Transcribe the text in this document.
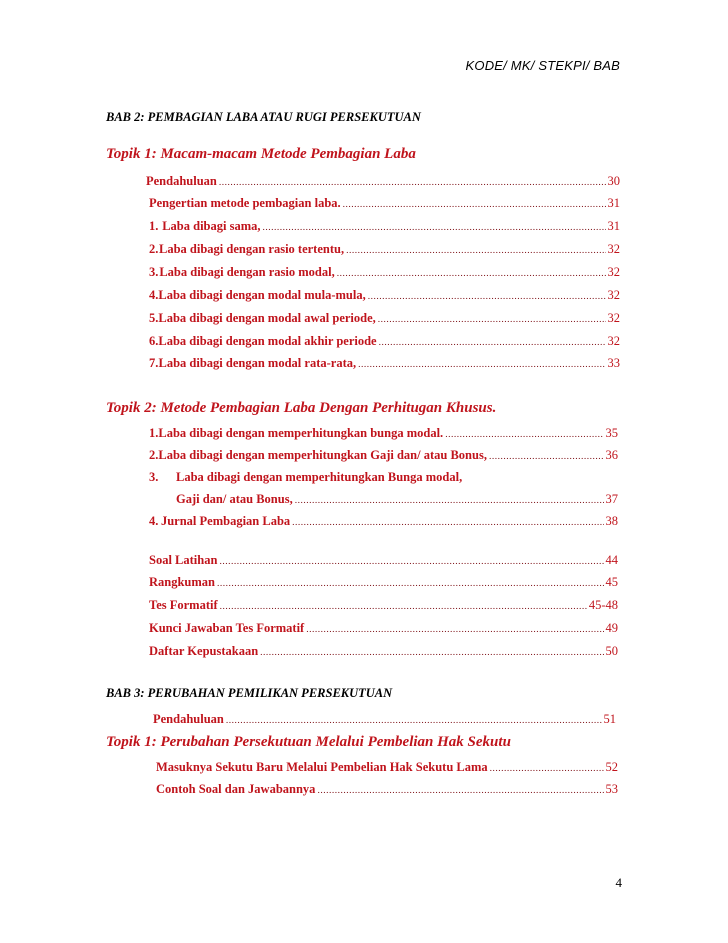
KODE/ MK/ STEKPI/ BAB
BAB 2: PEMBAGIAN LABA ATAU RUGI PERSEKUTUAN
Topik 1: Macam-macam Metode Pembagian Laba
Pendahuluan .....	30
Pengertian metode pembagian laba. .....	31
1. Laba dibagi sama, .....	31
2. Laba dibagi dengan rasio tertentu, .....	32
3. Laba dibagi dengan rasio modal, .....	32
4. Laba dibagi dengan modal mula-mula, .....	32
5. Laba dibagi dengan modal awal periode, .....	32
6. Laba dibagi dengan modal akhir periode .....	32
7. Laba dibagi dengan modal rata-rata, .....	33
Topik 2: Metode Pembagian Laba Dengan Perhitugan Khusus.
1. Laba dibagi dengan memperhitungkan bunga modal. .....	35
2. Laba dibagi dengan memperhitungkan Gaji dan/ atau Bonus, .....	36
3.	Laba dibagi dengan memperhitungkan Bunga modal,
Gaji dan/ atau Bonus, .....	37
4. Jurnal Pembagian Laba .....	38
Soal Latihan .....	44
Rangkuman .....	45
Tes Formatif .....	45-48
Kunci Jawaban Tes Formatif .....	49
Daftar Kepustakaan .....	50
BAB 3: PERUBAHAN PEMILIKAN PERSEKUTUAN
Pendahuluan .....	51
Topik 1: Perubahan Persekutuan Melalui Pembelian Hak Sekutu
Masuknya Sekutu Baru Melalui Pembelian Hak Sekutu Lama .....	52
Contoh Soal dan Jawabannya .....	53
4
